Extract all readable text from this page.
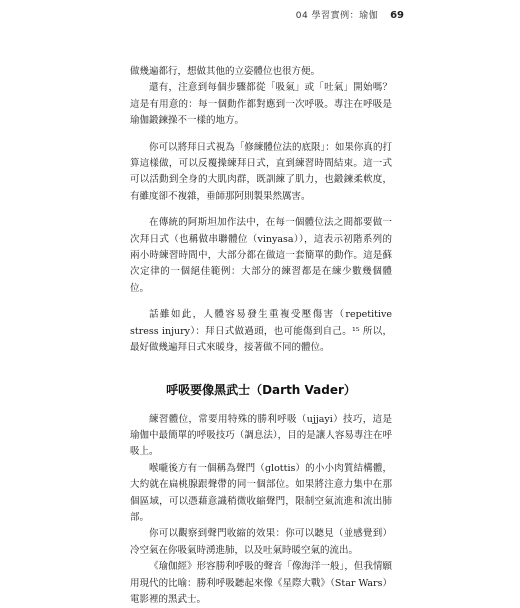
04 學習實例：瑜伽 69

做幾遍都行，想做其他的立姿體位也很方便。

還有，注意到每個步驟都從「吸氣」或「吐氣」開始嗎？這是有用意的：每一個動作都對應到一次呼吸。專注在呼吸是瑜伽鍛鍊操不一樣的地方。

你可以將拜日式視為「修練體位法的底限」：如果你真的打算這樣做，可以反覆操練拜日式，直到練習時間結束。這一式可以活動到全身的大肌肉群，既訓練了肌力，也鍛鍊柔軟度，有雖度卻不複雜，垂師那阿則製果然厲害。

在傳統的阿斯坦加作法中，在每一個體位法之間都要做一次拜日式（也稱做串聯體位（vinyasa）），這表示初階系列的兩小時練習時間中，大部分都在做這一套簡單的動作。這是蘇次定律的一個絕佳範例：大部分的練習都是在練少數幾個體位。

話雖如此，人體容易發生重複受壓傷害（repetitive stress injury）：拜日式做過頭，也可能傷到自己。¹⁵ 所以，最好做幾遍拜日式來暖身，接著做不同的體位。

呼吸要像黑武士（Darth Vader）

練習體位，常要用特殊的勝利呼吸（ujjayi）技巧，這是瑜伽中最簡單的呼吸技巧（調息法），目的是讓人容易專注在呼吸上。

喉嚨後方有一個稱為聲門（glottis）的小小肉質結構體，大約就在扁桃腺跟聲帶的同一個部位。如果將注意力集中在那個區域，可以憑藉意識稍微收縮聲門，限制空氣流進和流出肺部。

你可以觀察到聲門收縮的效果：你可以聽見（並感覺到）冷空氣在你吸氣時湧進肺，以及吐氣時暖空氣的流出。

《瑜伽經》形容勝利呼吸的聲音「像海洋一般」，但我情願用現代的比喻：勝利呼吸聽起來像《星際大戰》（Star Wars）電影裡的黑武士。
